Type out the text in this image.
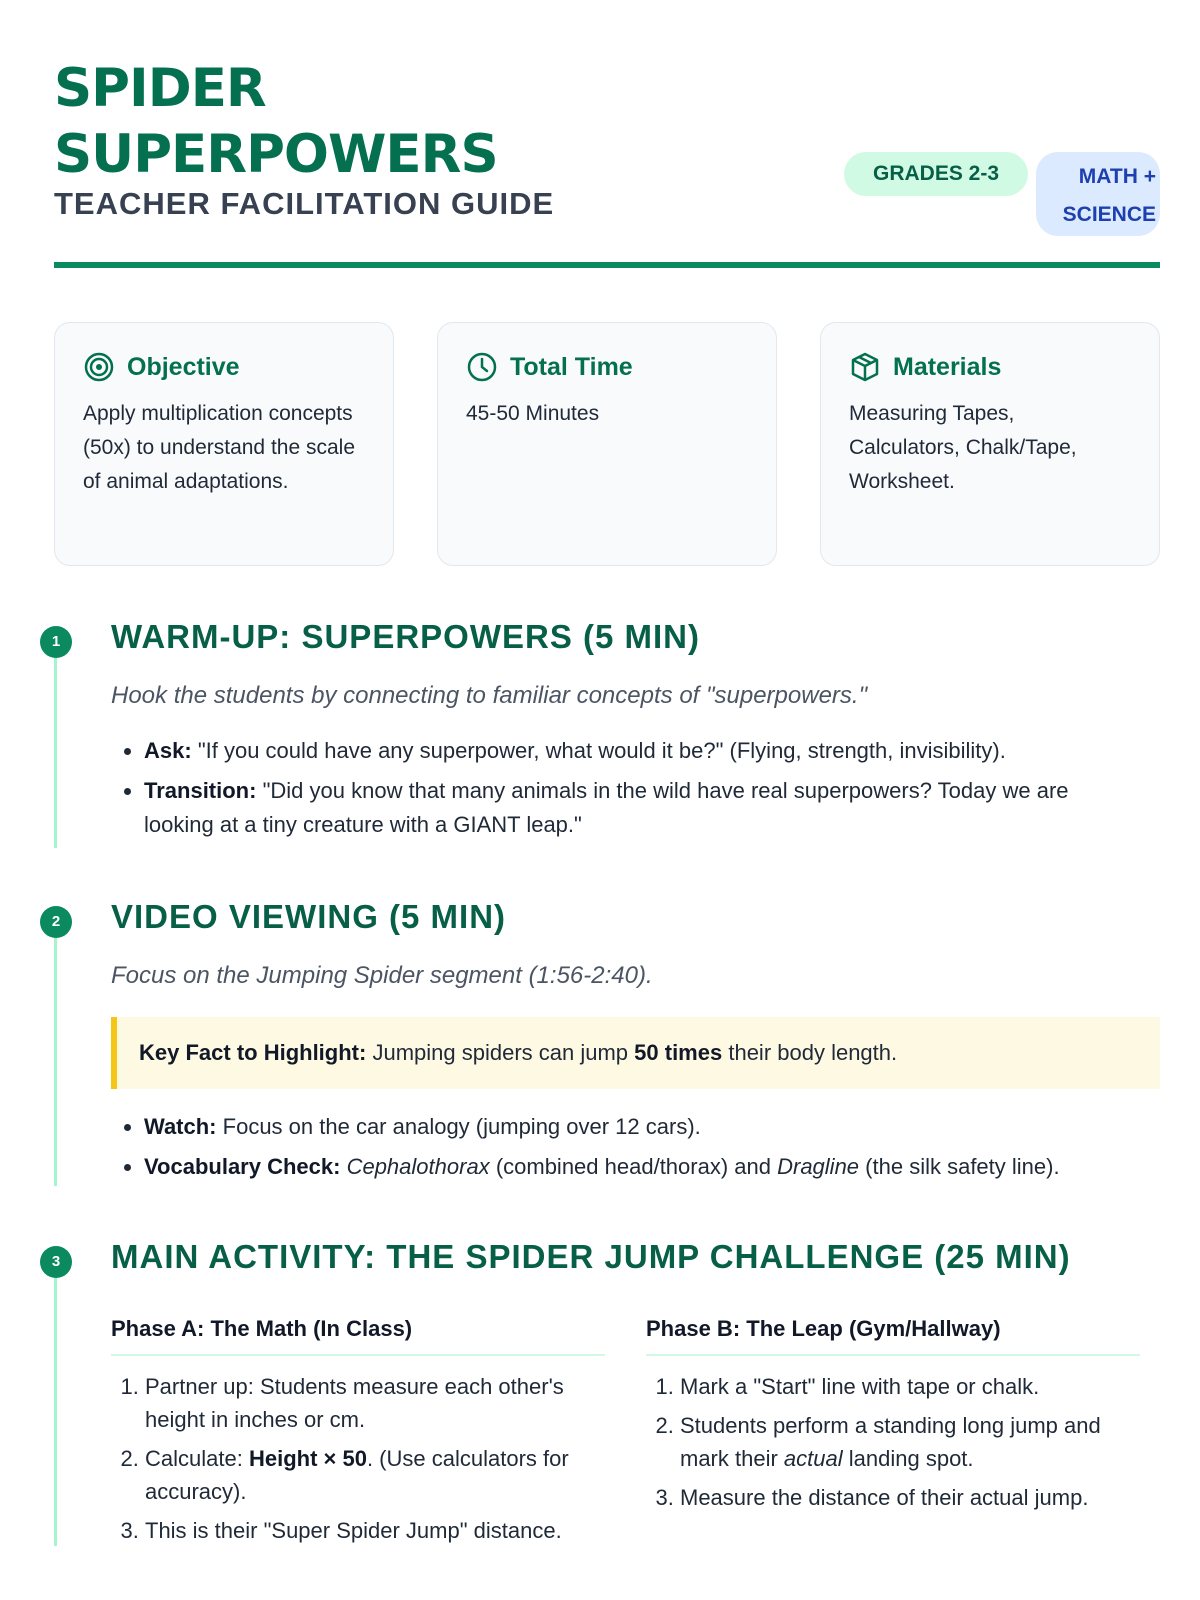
SPIDER
SUPERPOWERS
TEACHER FACILITATION GUIDE
GRADES 2-3	MATH +
SCIENCE
Objective
Apply multiplication concepts (50x) to understand the scale of animal adaptations.
Total Time
45-50 Minutes
Materials
Measuring Tapes, Calculators, Chalk/Tape, Worksheet.
1	WARM-UP: SUPERPOWERS (5 MIN)
Hook the students by connecting to familiar concepts of "superpowers."
• Ask: "If you could have any superpower, what would it be?" (Flying, strength, invisibility).
• Transition: "Did you know that many animals in the wild have real superpowers? Today we are looking at a tiny creature with a GIANT leap."
2	VIDEO VIEWING (5 MIN)
Focus on the Jumping Spider segment (1:56-2:40).
Key Fact to Highlight: Jumping spiders can jump 50 times their body length.
• Watch: Focus on the car analogy (jumping over 12 cars).
• Vocabulary Check: Cephalothorax (combined head/thorax) and Dragline (the silk safety line).
3	MAIN ACTIVITY: THE SPIDER JUMP CHALLENGE (25 MIN)
Phase A: The Math (In Class)
1. Partner up: Students measure each other's height in inches or cm.
2. Calculate: Height × 50. (Use calculators for accuracy).
3. This is their "Super Spider Jump" distance.
Phase B: The Leap (Gym/Hallway)
1. Mark a "Start" line with tape or chalk.
2. Students perform a standing long jump and mark their actual landing spot.
3. Measure the distance of their actual jump.
